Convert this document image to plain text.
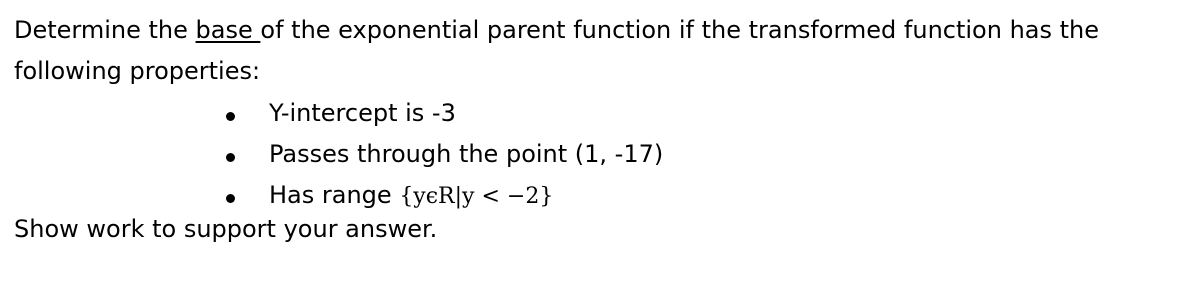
Determine the base of the exponential parent function if the transformed function has the
following properties:
Y-intercept is -3
Passes through the point (1, -17)
Has range {yϵR|y < −2}
Show work to support your answer.
